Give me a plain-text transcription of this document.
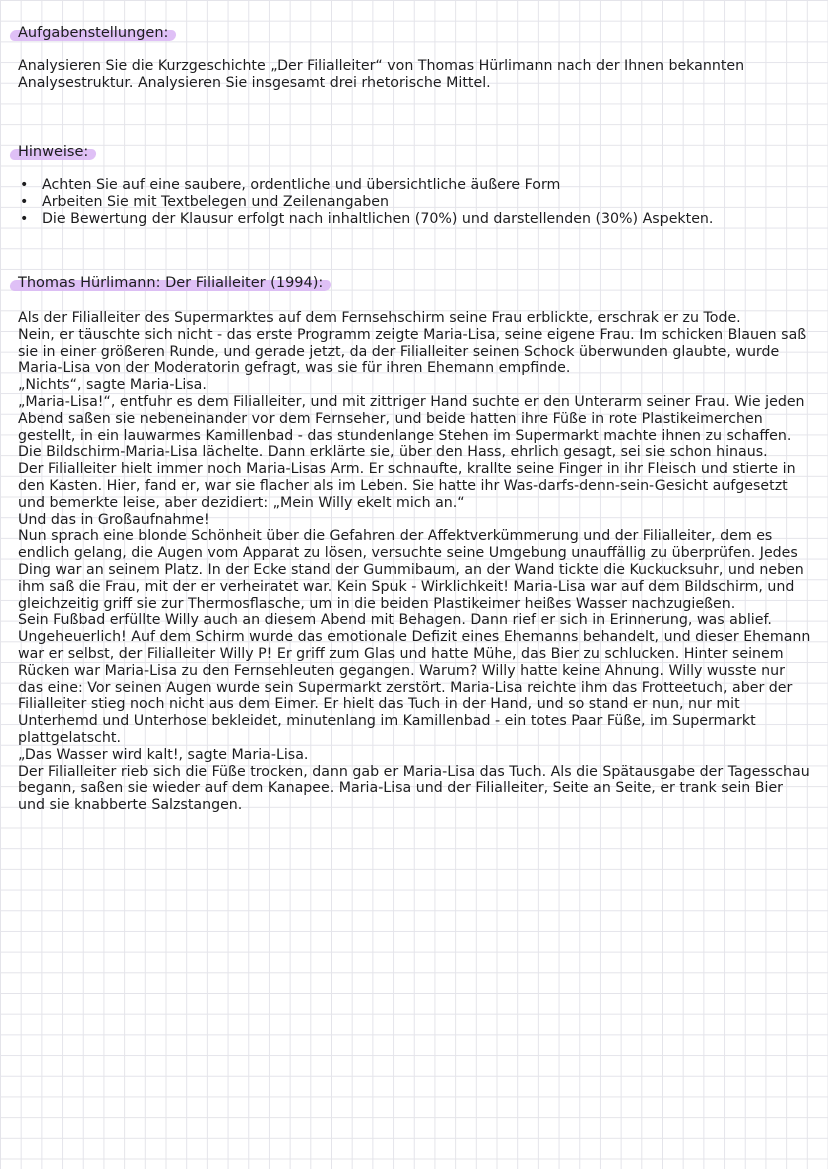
Aufgabenstellungen:
Analysieren Sie die Kurzgeschichte „Der Filialleiter“ von Thomas Hürlimann nach der Ihnen bekannten Analysestruktur. Analysieren Sie insgesamt drei rhetorische Mittel.
Hinweise:
• Achten Sie auf eine saubere, ordentliche und übersichtliche äußere Form
• Arbeiten Sie mit Textbelegen und Zeilenangaben
• Die Bewertung der Klausur erfolgt nach inhaltlichen (70%) und darstellenden (30%) Aspekten.
Thomas Hürlimann: Der Filialleiter (1994):

Als der Filialleiter des Supermarktes auf dem Fernsehschirm seine Frau erblickte, erschrak er zu Tode.

Nein, er täuschte sich nicht - das erste Programm zeigte Maria-Lisa, seine eigene Frau. Im schicken Blauen saß sie in einer größeren Runde, und gerade jetzt, da der Filialleiter seinen Schock überwunden glaubte, wurde Maria-Lisa von der Moderatorin gefragt, was sie für ihren Ehemann empfinde.

„Nichts“, sagte Maria-Lisa.

„Maria-Lisa!“, entfuhr es dem Filialleiter, und mit zittriger Hand suchte er den Unterarm seiner Frau. Wie jeden Abend saßen sie nebeneinander vor dem Fernseher, und beide hatten ihre Füße in rote Plastikeimerchen gestellt, in ein lauwarmes Kamillenbad - das stundenlange Stehen im Supermarkt machte ihnen zu schaffen.

Die Bildschirm-Maria-Lisa lächelte. Dann erklärte sie, über den Hass, ehrlich gesagt, sei sie schon hinaus.

Der Filialleiter hielt immer noch Maria-Lisas Arm. Er schnaufte, krallte seine Finger in ihr Fleisch und stierte in den Kasten. Hier, fand er, war sie flacher als im Leben. Sie hatte ihr Was-darfs-denn-sein-Gesicht aufgesetzt und bemerkte leise, aber dezidiert: „Mein Willy ekelt mich an.“

Und das in Großaufnahme!

Nun sprach eine blonde Schönheit über die Gefahren der Affektverkümmerung und der Filialleiter, dem es endlich gelang, die Augen vom Apparat zu lösen, versuchte seine Umgebung unauffällig zu überprüfen. Jedes Ding war an seinem Platz. In der Ecke stand der Gummibaum, an der Wand tickte die Kuckucksuhr, und neben ihm saß die Frau, mit der er verheiratet war. Kein Spuk - Wirklichkeit! Maria-Lisa war auf dem Bildschirm, und gleichzeitig griff sie zur Thermosflasche, um in die beiden Plastikeimer heißes Wasser nachzugießen.

Sein Fußbad erfüllte Willy auch an diesem Abend mit Behagen. Dann rief er sich in Erinnerung, was ablief. Ungeheuerlich! Auf dem Schirm wurde das emotionale Defizit eines Ehemanns behandelt, und dieser Ehemann war er selbst, der Filialleiter Willy P! Er griff zum Glas und hatte Mühe, das Bier zu schlucken. Hinter seinem Rücken war Maria-Lisa zu den Fernsehleuten gegangen. Warum? Willy hatte keine Ahnung. Willy wusste nur das eine: Vor seinen Augen wurde sein Supermarkt zerstört. Maria-Lisa reichte ihm das Frotteetuch, aber der Filialleiter stieg noch nicht aus dem Eimer. Er hielt das Tuch in der Hand, und so stand er nun, nur mit Unterhemd und Unterhose bekleidet, minutenlang im Kamillenbad - ein totes Paar Füße, im Supermarkt plattgelatscht.

„Das Wasser wird kalt!, sagte Maria-Lisa.

Der Filialleiter rieb sich die Füße trocken, dann gab er Maria-Lisa das Tuch. Als die Spätausgabe der Tagesschau begann, saßen sie wieder auf dem Kanapee. Maria-Lisa und der Filialleiter, Seite an Seite, er trank sein Bier und sie knabberte Salzstangen.
